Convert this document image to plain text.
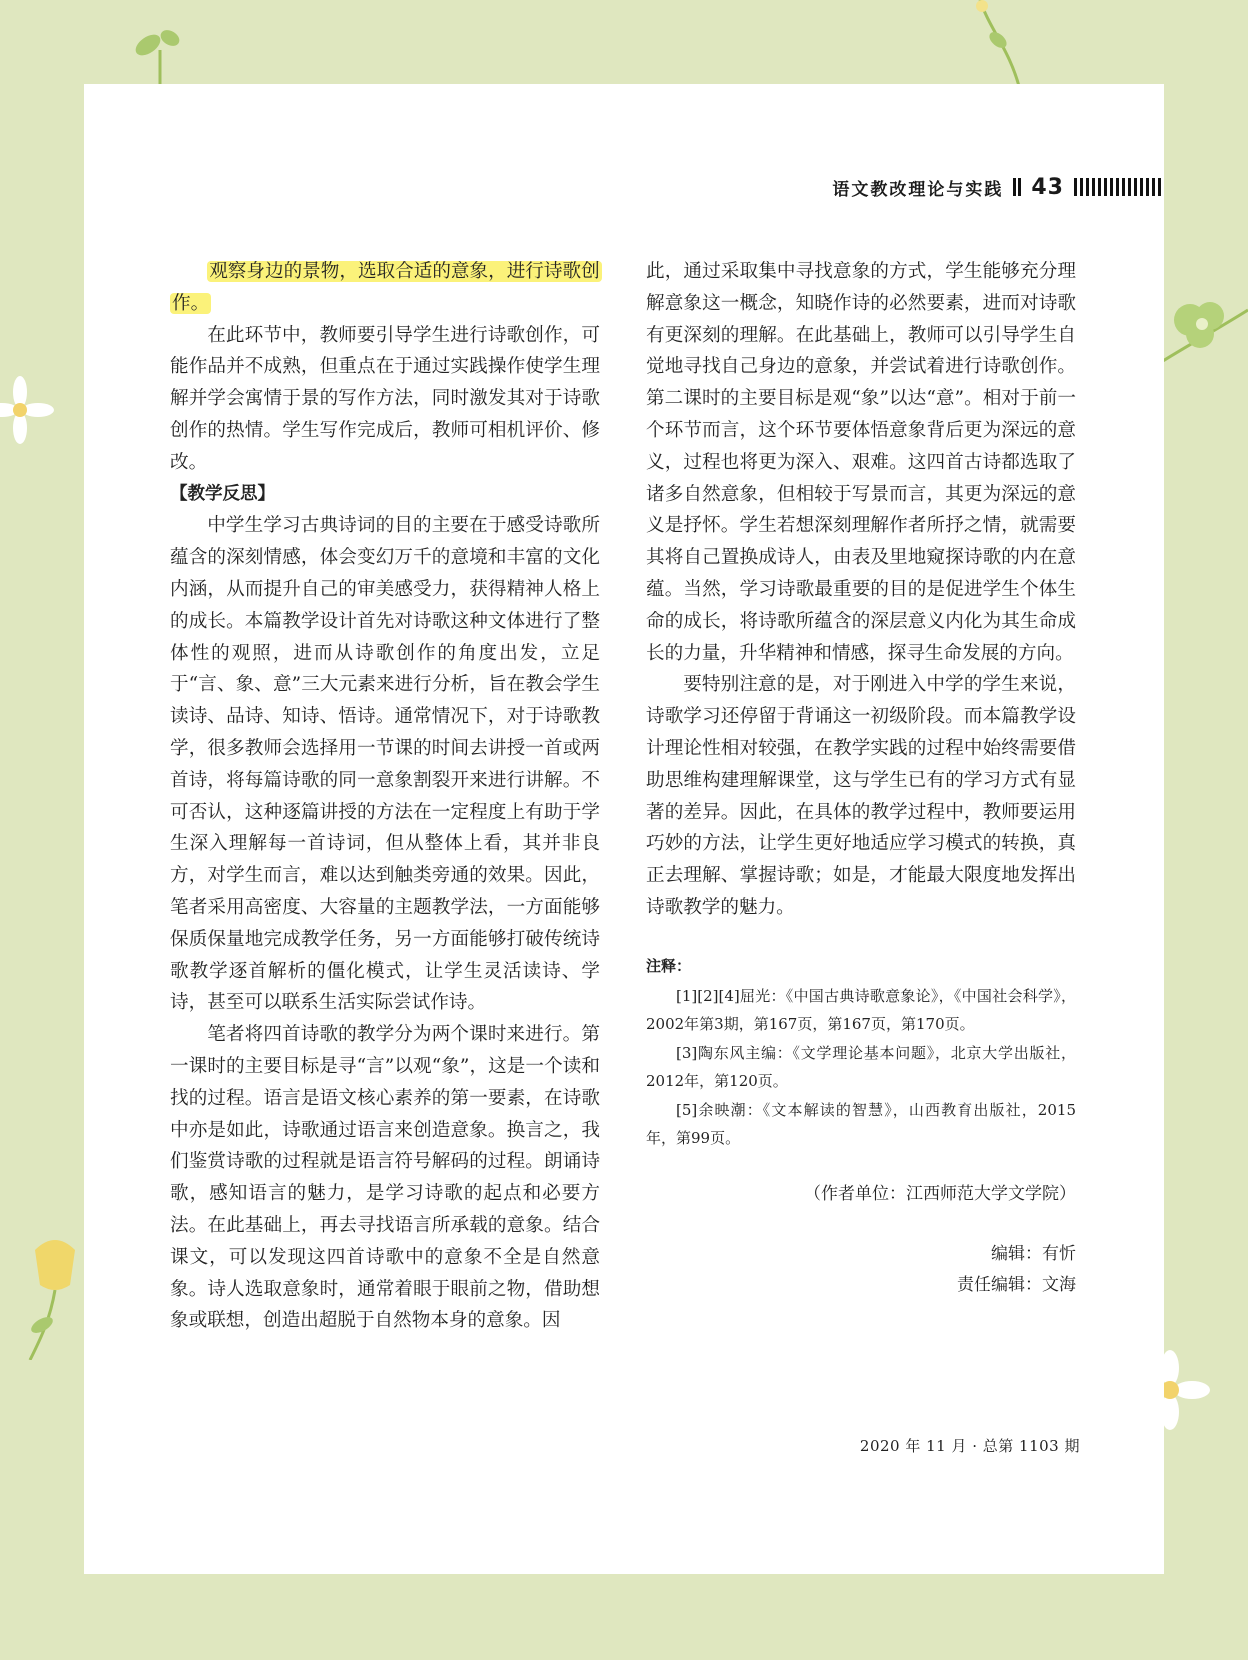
语文教改理论与实践 43

观察身边的景物，选取合适的意象，进行诗歌创作。

在此环节中，教师要引导学生进行诗歌创作，可能作品并不成熟，但重点在于通过实践操作使学生理解并学会寓情于景的写作方法，同时激发其对于诗歌创作的热情。学生写作完成后，教师可相机评价、修改。

【教学反思】

中学生学习古典诗词的目的主要在于感受诗歌所蕴含的深刻情感，体会变幻万千的意境和丰富的文化内涵，从而提升自己的审美感受力，获得精神人格上的成长。本篇教学设计首先对诗歌这种文体进行了整体性的观照，进而从诗歌创作的角度出发，立足于“言、象、意”三大元素来进行分析，旨在教会学生读诗、品诗、知诗、悟诗。通常情况下，对于诗歌教学，很多教师会选择用一节课的时间去讲授一首或两首诗，将每篇诗歌的同一意象割裂开来进行讲解。不可否认，这种逐篇讲授的方法在一定程度上有助于学生深入理解每一首诗词，但从整体上看，其并非良方，对学生而言，难以达到触类旁通的效果。因此，笔者采用高密度、大容量的主题教学法，一方面能够保质保量地完成教学任务，另一方面能够打破传统诗歌教学逐首解析的僵化模式，让学生灵活读诗、学诗，甚至可以联系生活实际尝试作诗。

笔者将四首诗歌的教学分为两个课时来进行。第一课时的主要目标是寻“言”以观“象”，这是一个读和找的过程。语言是语文核心素养的第一要素，在诗歌中亦是如此，诗歌通过语言来创造意象。换言之，我们鉴赏诗歌的过程就是语言符号解码的过程。朗诵诗歌，感知语言的魅力，是学习诗歌的起点和必要方法。在此基础上，再去寻找语言所承载的意象。结合课文，可以发现这四首诗歌中的意象不全是自然意象。诗人选取意象时，通常着眼于眼前之物，借助想象或联想，创造出超脱于自然物本身的意象。因

此，通过采取集中寻找意象的方式，学生能够充分理解意象这一概念，知晓作诗的必然要素，进而对诗歌有更深刻的理解。在此基础上，教师可以引导学生自觉地寻找自己身边的意象，并尝试着进行诗歌创作。第二课时的主要目标是观“象”以达“意”。相对于前一个环节而言，这个环节要体悟意象背后更为深远的意义，过程也将更为深入、艰难。这四首古诗都选取了诸多自然意象，但相较于写景而言，其更为深远的意义是抒怀。学生若想深刻理解作者所抒之情，就需要其将自己置换成诗人，由表及里地窥探诗歌的内在意蕴。当然，学习诗歌最重要的目的是促进学生个体生命的成长，将诗歌所蕴含的深层意义内化为其生命成长的力量，升华精神和情感，探寻生命发展的方向。

要特别注意的是，对于刚进入中学的学生来说，诗歌学习还停留于背诵这一初级阶段。而本篇教学设计理论性相对较强，在教学实践的过程中始终需要借助思维构建理解课堂，这与学生已有的学习方式有显著的差异。因此，在具体的教学过程中，教师要运用巧妙的方法，让学生更好地适应学习模式的转换，真正去理解、掌握诗歌；如是，才能最大限度地发挥出诗歌教学的魅力。

注释：

[1][2][4]屈光：《中国古典诗歌意象论》，《中国社会科学》，2002年第3期，第167页，第167页，第170页。

[3]陶东风主编：《文学理论基本问题》，北京大学出版社，2012年，第120页。

[5]余映潮：《文本解读的智慧》，山西教育出版社，2015年，第99页。

（作者单位：江西师范大学文学院）

编辑：有忻

责任编辑：文海

2020 年 11 月 · 总第 1103 期
